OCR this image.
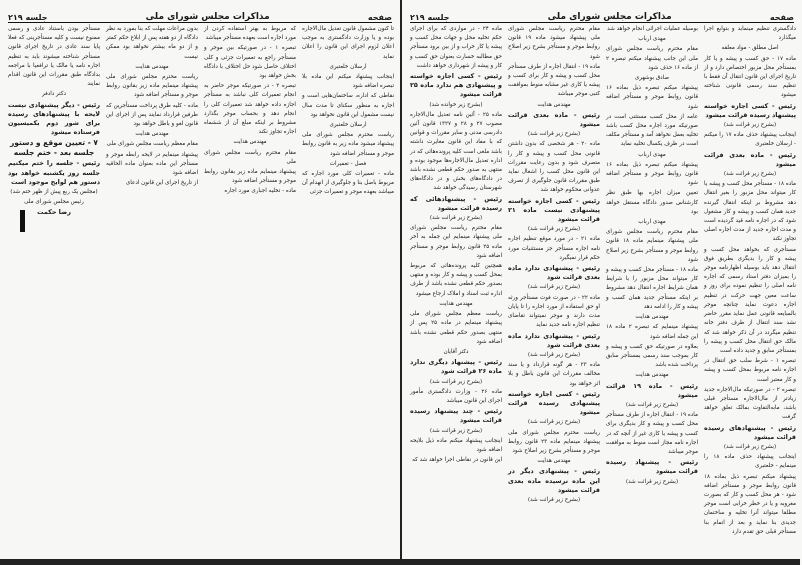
صفحه
مذاکرات مجلس شورای ملی
جلسه ۲۱۹

تا کنون مشمول قانون تعدیل مال‌الاجاره بوده و یا وزارت دادگستری به موجب اعلان لزوم اجرای این قانون را اعلان نماید

ارسلان خلعتبری

اینجانب پیشنهاد میکنم این ماده بلا تبصره اضافه شود

نقاطی که اداره، ساختمان‌هایی است و اجاره به منظور سکنای تا مدت سال نیست مشمول این قانون نخواهد بود

ارسلان خلعتبری

ریاست محترم مجلس شورای ملی پیشنهاد میشود ماده زیر به قانون روابط موجر و مستأجر اضافه شود

فصل - تعمیرات

ماده - تعمیرات کلی مورد اجاره که مربوط باصل بنا و جلوگیری از انهدام آن میباشد بعهده موجر و تعمیرات جزئی

که مربوط به بهتر استفاده کردن از مورد اجاره است بعهده مستأجر میباشد

تبصره ۱ - در صورتیکه بین موجر و مستأجر راجع به تعمیرات جزئی و کلی اختلاف حاصل شود حل اختلاف با دادگاه بخش خواهد بود

تبصره ۲ - در صورتیکه موجر حاضر به انجام تعمیرات کلی نباشد به مستأجر اجازه داده خواهد شد تعمیرات کلی را انجام دهد و بحساب موجر بگذارد مشروط بر اینکه مبلغ آن از ششماه اجاره تجاوز نکند

مهندس هدایت

مقام محترم ریاست مجلس شورای ملی

پیشنهاد مینمایم ماده زیر بقانون روابط موجر و مستأجر اضافه شود

ماده - تخلیه اجباری مورد اجاره

بدون مراعات مهلت که بنا بمورد به نظر دادگاه از دو هفته پس از ابلاغ حکم کمتر و از دو ماه بیشتر نخواهد بود ممکن نیست

مهندس هدایت

ریاست محترم مجلس شورای ملی پیشنهاد مینمایم ماده زیر بقانون روابط موجر و مستأجر اضافه شود

ماده - کلیه طرق پرداخت مستأجرین که طرفین قرارداد نمایند پس از اجرای این قانون لغو و باطل خواهد بود

مهندس هدایت

مقام معظم ریاست مجلس شورای ملی

پیشنهاد مینمایم در لایحه رابطه موجر و مستأجر این ماده بعنوان ماده الحاقیه اضافه شود

از تاریخ اجرای این قانون ادعای

مستأجر بودن باستناد عادی و رسمی ممنوع نیست و کلیه مستأجرینی که فعلا پایا سند عادی در تاریخ اجرای قانون مستأجر شناخته میشوند باید به تنظیم اجاره نامه یا مالک یا ترافعیا با مراجعه بدادگاه طبق مقررات این قانون اقدام نمایند

دکتر دادفر

رئیس - دیگر پیشنهادی نیست لایحه با پیشنهادهای رسیده برای شور دوم بکمیسیون فرستاده میشود

۷ - تعیین موقع و دستور جلسه بعد - ختم جلسه

رئیس - جلسه را ختم میکنیم جلسه روز یکشنبه خواهد بود دستور هم لوایح موجود است

(مجلس یک ربع پیش از ظهر ختم شد)

رئیس مجلس شورای ملی

رضا حکمت

صفحه
مذاکرات مجلس شورای ملی
جلسه ۲۱۹

دادگستری تنظیم مینماید و بتوابع اجرا میگذارد

اصل مطلق - مواد معلقه

ماده ۱۷ - حق کسب و پیشه و یا کار بمستأجر محل مزبور اختصاص دارد و از تاریخ اجرای این قانون انتقال آن فقط با تنظیم سند رسمی قانونی شناخته میشود

رئیس - کسی اجازه خواسته پیشنهاد رسیده قرائت میشود

(بشرح زیر قرائت شد)

اینجانب پیشنهاد حذف ماده ۱۷ را میکنم - ارسلان خلعتبری

رئیس - ماده بعدی قرائت میشود

(بشرح زیر قرائت شد)

ماده ۱۸ - مستأجر محل کسب و پیشه یا کار میتواند محل مزبور را بغیر انتقال دهد مشروط بر اینکه انتقال گیرنده جدید همان کسب و پیشه و کار مشغول شود که در اجاره نامه قید گردیده است و مدت اجاره جدید از مدت اجاره اصلی تجاوز نکند

مستأجری که بخواهد محل کسب و پیشه و کار را بدیگری بطریق فوق انتقال دهد باید بوسیله اظهارنامه موجر را بمیزان دفتر اسناد رسمی که اجاره نامه اصلی را تنظیم نموده برای روز و ساعت معین جهت حرکت در تنظیم اجاره دعوت نماید چنانچه موجر بالمبایعه قانونی عمل نماید مقرر حاضر نشد سند انتقال از طرف دفتر خانه تنظیم میگردد در آن ذکر خواهد شد که مالک حق انتقال محل کسب و پیشه را بمستأجر سابق و جدید داده است

تبصره ۱ - شرط سلب حق انتقال در اجاره نامه مربوط بمحل کسب و پیشه و کار معتبر است

تبصره ۲ - در صورتیکه مال‌الاجاره جدید زیادتر از مال‌الاجاره مستأجر قبلی باشد، مابه‌التفاوت بمالک تعلق خواهد گرفت

رئیس - پیشنهادهای رسیده قرائت میشود

(بشرح زیر قرائت شد)

اینجانب پیشنهاد حذف ماده ۱۸ را مینمایم - خلعتبری

پیشنهاد میکنم تبصره ذیل بماده ۱۸ قانون روابط موجر و مستأجر اضافه شود - هر محل کسب و کار که بصورت مغروبه و یا در خطر خرابی است موجر مطلقا میتواند آنرا تخلیه و ساختمان جدیدی بنا نماید و بعد از اتمام بنا مستأجر قبلی حق تقدم دارد

بوسیله عملیات اجرائی انجام خواهد شد

مهدی ارباب

مقام محترم ریاست مجلس شورای ملی این جانب پیشنهاد میکنم تبصره ۲ از ماده ۱۶ حذف شود

صادق بوشهری

پیشنهاد میکنم تبصره ذیل بماده ۱۶ قانون روابط موجر و مستأجر اضافه شود

عامه از محل کسب مستثنی است در صورتیکه مورد اجاره محل کسب باشد تخلیه بعمل نخواهد آمد و مستأجر مکلف است در ظرف یکسال تخلیه نماید

مهدی ارباب

پیشنهاد میکنم تبصره ذیل بماده ۱۶ قانون روابط موجر و مستأجر اضافه شود

تعیین میزان اجاره بها طبق نظر کارشناس صدور دادگاه مستقل خواهد بود

مهدی ارباب

مقام محترم ریاست مجلس شورای ملی پیشنهاد مینمایم ماده ۱۸ قانون روابط موجر و مستأجر بشرح زیر اصلاح شود

ماده ۱۸ - مستأجر محل کسب و پیشه و کار میتواند محل مزبور را با شرایط همان شرایط اجاره انتقال دهد مشروط بر اینکه مستأجر جدید همان کسب و پیشه و کار را ادامه دهد

مهندس هدایت

پیشنهاد مینمایم که تبصره ۲ ماده ۱۸ این جمله اضافه شود

بعلاوه در صورتیکه حق کسب و پیشه و کار بموجب سند رسمی بمستأجر سابق پرداخت شده باشد

مهندس هدایت

رئیس - ماده ۱۹ قرائت میشود

(بشرح زیر قرائت شد)

ماده ۱۹ - انتقال اجاره از طرف مستأجر محل کسب و پیشه و کار بدیگری برای کسب و پیشه یا کاری غیر از آنچه که در اجاره نامه مجاز است منوط به موافقت موجر میباشد

رئیس - پیشنهاد رسیده قرائت میشود

(بشرح زیر قرائت شد)

مقام محترم ریاست مجلس شورای ملی پیشنهاد میشود ماده ۱۹ قانون روابط موجر و مستأجر بشرح زیر اصلاح شود

ماده ۱۹ - انتقال اجاره از طرف مستأجر محل کسب و پیشه و کار برای کسب و پیشه یا کاری غیر مشابه منوط بموافقت کتبی موجر میباشد

مهندس هدایت

رئیس - ماده بعدی قرائت میشود

(بشرح زیر قرائت شد)

ماده ۲۰ - هر شخصی که بدون داشتن قانونی محل کسب و پیشه و کار را متصرف شود و بدون رعایت مقررات این قانون محل کسب را اشغال نماید طبق مقررات قانون جلوگیری از تصرف عدوانی محکوم خواهد شد

رئیس - کسی اجازه خواسته پیشنهادی نیست ماده ۲۱ قرائت میشود

(بشرح زیر قرائت شد)

ماده ۲۱ - در مورد موقع تنظیم اجاره نامه اجاره مستأجر جز مستثنیات مورد حکم قرار نمیگیرد

رئیس - پیشنهادی ندارد ماده بعدی قرائت شود

(بشرح زیر قرائت شد)

ماده ۲۲ - در صورت فوت مستأجر ورثه او حق استفاده از مورد اجاره را تا پایان مدت دارند و موجر نمیتواند تقاضای تنظیم اجاره نامه جدید نماید

رئیس - پیشنهادی ندارد ماده بعدی قرائت شود

(بشرح زیر قرائت شد)

ماده ۲۳ - هر گونه قرارداد و یا سند مخالف مقررات این قانون باطل و بلا اثر خواهد بود

رئیس - کسی اجازه خواسته پیشنهادی رسیده قرائت میشود

(بشرح زیر قرائت شد)

ریاست محترم مجلس شورای ملی پیشنهاد مینمایم ماده ۲۳ قانون روابط موجر و مستأجر بشرح زیر اصلاح شود

مهندس هدایت

رئیس - پیشنهادی دیگر در این ماده نرسیده ماده بعدی قرائت میشود

(بشرح زیر قرائت شد)

ماده ۲۴ - در مواردی که برای اجرای حکم تخلیه محل و جهات محل کسب و پیشه یا کار خراب و از بین برود مستأجر حق مطالبه خسارت بعنوان حق کسب و کار و پیشه از شهرداری خواهد داشت

رئیس - کسی اجازه خواسته و پیشنهادی هم ندارد ماده ۲۵ قرائت میشود

(بشرح زیر خوانده شد)

ماده ۲۵ - آئین نامه تعدیل مال‌الاجاره مصوب ۲۷ و ۲۸ و ۱۳۲۷ قانون آئین دادرسی مدنی و سایر مقررات و قوانین که با مفاد این قانون مغایرت داشته باشد ملغی است کلیه پرونده‌هائی که در اداره تعدیل مال‌الاجاره‌ها موجود بوده و منتهی به صدور حکم قطعی نشده باشد در دادگاه‌های بخش و در دادگاه‌های شهرستان رسیدگی خواهد شد

رئیس - پیشنهادهائی که رسیده قرائت میشود

(بشرح زیر قرائت شد)

مقام محترم ریاست مجلس شورای ملی پیشنهاد مینمایم این جمله به آخر ماده ۲۵ قانون روابط موجر و مستأجر اضافه شود

همچنین کلیه پرونده‌هائی که مربوط بمحل کسب و پیشه و کار بوده و منتهی بصدور حکم قطعی نشده باشد از طرف اداره ثبت اسناد و املاک ارجاع میشود

مهندس هدایت

ریاست معظم مجلس شورای ملی پیشنهاد مینمایم در ماده ۲۵ پس از منتهی بصدور حکم قطعی نشده باشد اضافه شود

دکتر آقایان

رئیس - پیشنهاد دیگری ندارد ماده ۲۶ قرائت شود

(بشرح زیر قرائت شد)

ماده ۲۶ - وزارت دادگستری مأمور اجرای این قانون میباشد

رئیس - چند پیشنهاد رسیده قرائت میشود

(بشرح زیر قرائت شد)

اینجانب پیشنهاد میکنم ماده ذیل بلایحه اضافه شود

این قانون در نقاطی اجرا خواهد شد که
